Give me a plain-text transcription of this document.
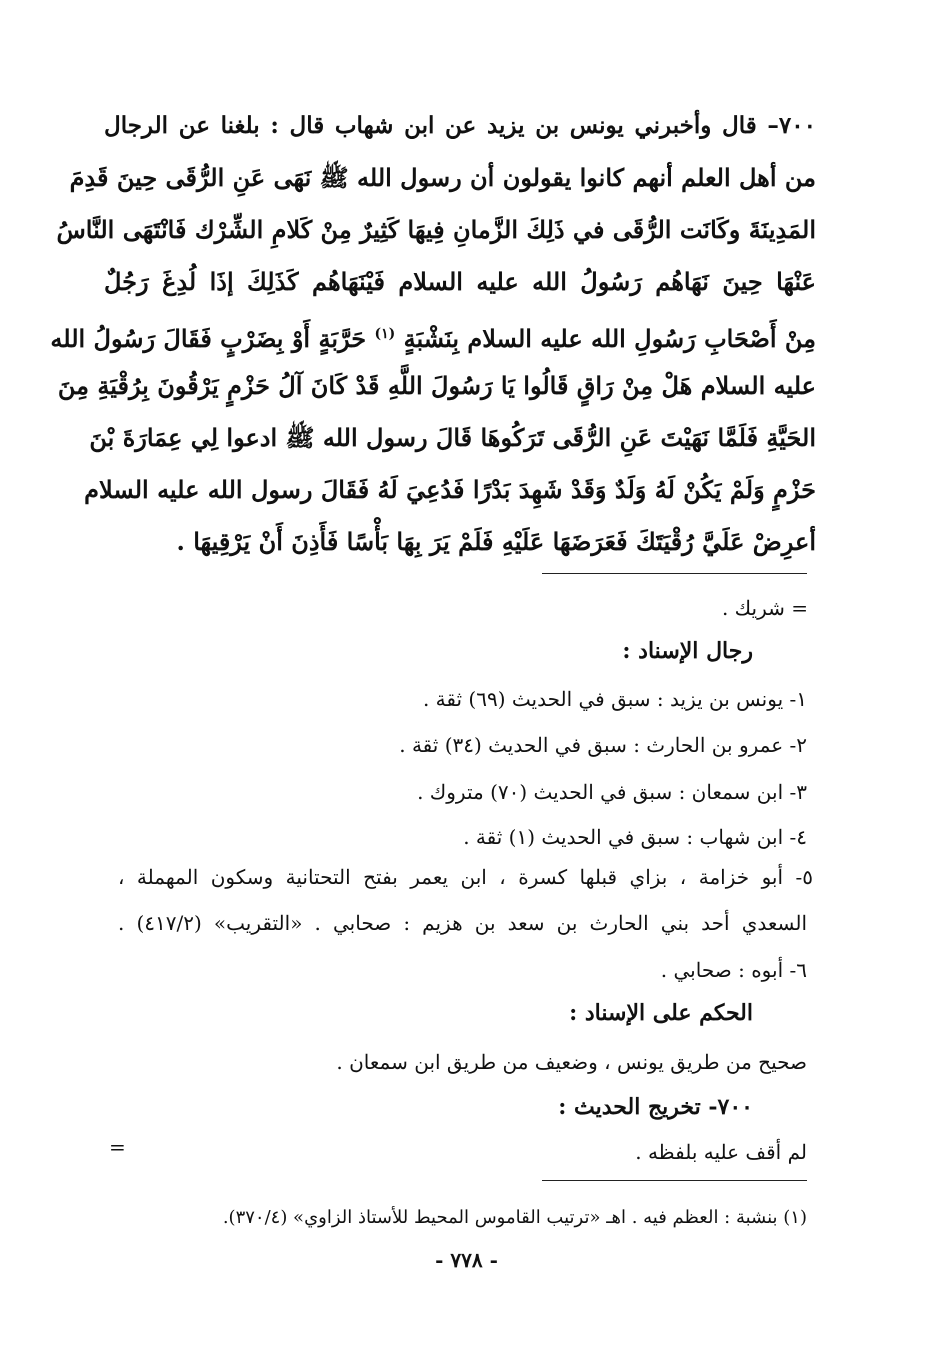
٧٠٠– قال وأخبرني يونس بن يزيد عن ابن شهاب قال : بلغنا عن الرجال
من أهل العلم أنهم كانوا يقولون أن رسول الله ﷺ نَهَى عَنِ الرُّقَى حِينَ قَدِمَ
المَدِينَةَ وكَانَت الرُّقَى في ذَلِكَ الزَّمانِ فِيهَا كَثِيرٌ مِنْ كَلامِ الشِّرْك فَانْتَهَى النَّاسُ
عَنْهَا حِينَ نَهَاهُم رَسُولُ الله عليه السلام فَيْنَهَاهُم كَذَلِكَ إذَا لُدِغَ رَجُلٌ
مِنْ أَصْحَابِ رَسُولِ الله عليه السلام بِنَشْبَةٍ $^{(١)}$ حَرَّبَةٍ أَوْ بِضَرْبٍ فَقَالَ رَسُولُ الله
عليه السلام هَلْ مِنْ رَاقٍ قَالُوا يَا رَسُولَ اللَّهِ قَدْ كَانَ آلُ حَزْمٍ يَرْقُونَ بِرُقْيَةِ مِنَ
الحَيَّةِ فَلَمَّا نَهَيْتَ عَنِ الرُّقَى تَرَكُوهَا قَالَ رسول الله ﷺ ادعوا لِي عِمَارَةَ بْنَ
حَزْمٍ وَلَمْ يَكُنْ لَهُ وَلَدٌ وَقَدْ شَهِدَ بَدْرًا فَدُعِيَ لَهُ فَقَالَ رسول الله عليه السلام
أعرِضْ عَلَيَّ رُقْيَتَكَ فَعَرَضَهَا عَلَيْهِ فَلَمْ يَرَ بِهَا بَأْسًا فَأَذِنَ أَنْ يَرْقِيهَا .
= شريك .
رجال الإسناد :
١- يونس بن يزيد : سبق في الحديث (٦٩) ثقة .
٢- عمرو بن الحارث : سبق في الحديث (٣٤) ثقة .
٣- ابن سمعان : سبق في الحديث (٧٠) متروك .
٤- ابن شهاب : سبق في الحديث (١) ثقة .
٥- أبو خزامة ، بزاي قبلها كسرة ، ابن يعمر بفتح التحتانية وسكون المهملة ،
السعدي أحد بني الحارث بن سعد بن هزيم : صحابي . «التقريب» (٤١٧/٢) .
٦- أبوه : صحابي .
الحكم على الإسناد :
صحيح من طريق يونس ، وضعيف من طريق ابن سمعان .
٧٠٠- تخريج الحديث :
لم أقف عليه بلفظه .
=
(١) بنشبة : العظم فيه . اهـ «ترتيب القاموس المحيط للأستاذ الزاوي» (٣٧٠/٤).
- ٧٧٨ -
